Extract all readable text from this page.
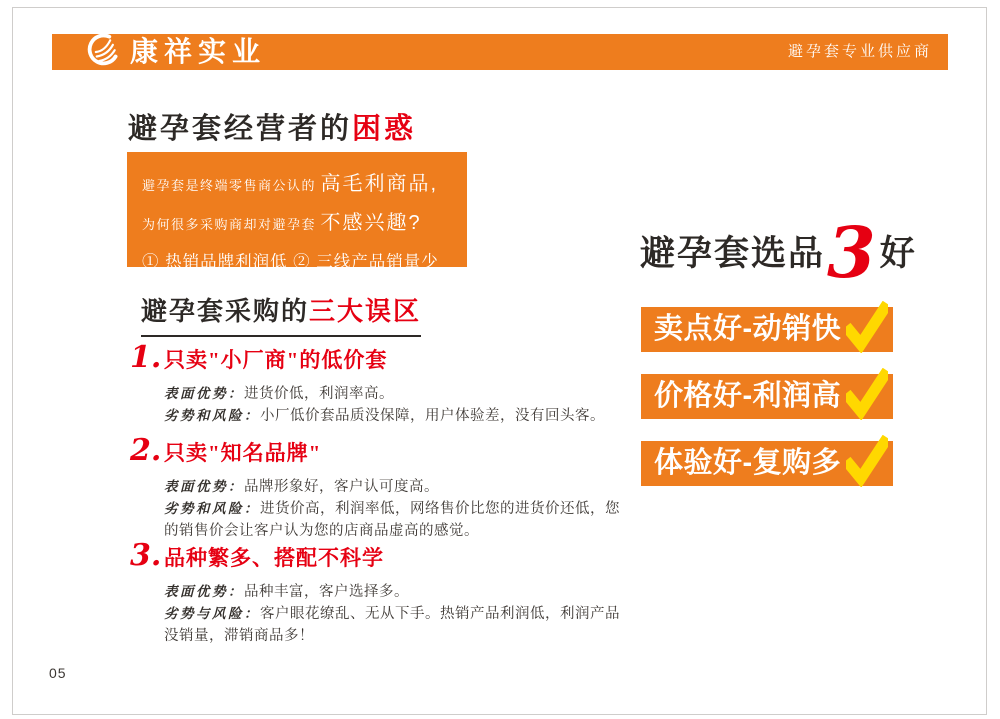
康祥实业	避孕套专业供应商
避孕套经营者的困惑
避孕套是终端零售商公认的 高毛利商品,
为何很多采购商却对避孕套 不感兴趣?
① 热销品牌利润低 ② 三线产品销量少
避孕套采购的三大误区
1. 只卖"小厂商"的低价套
表面优势：进货价低，利润率高。
劣势和风险：小厂低价套品质没保障，用户体验差，没有回头客。
2. 只卖"知名品牌"
表面优势：品牌形象好，客户认可度高。
劣势和风险：进货价高，利润率低，网络售价比您的进货价还低，您的销售价会让客户认为您的店商品虚高的感觉。
3. 品种繁多、搭配不科学
表面优势：品种丰富，客户选择多。
劣势与风险：客户眼花缭乱、无从下手。热销产品利润低，利润产品没销量，滞销商品多！
避孕套选品 3 好
卖点好-动销快
价格好-利润高
体验好-复购多
05
